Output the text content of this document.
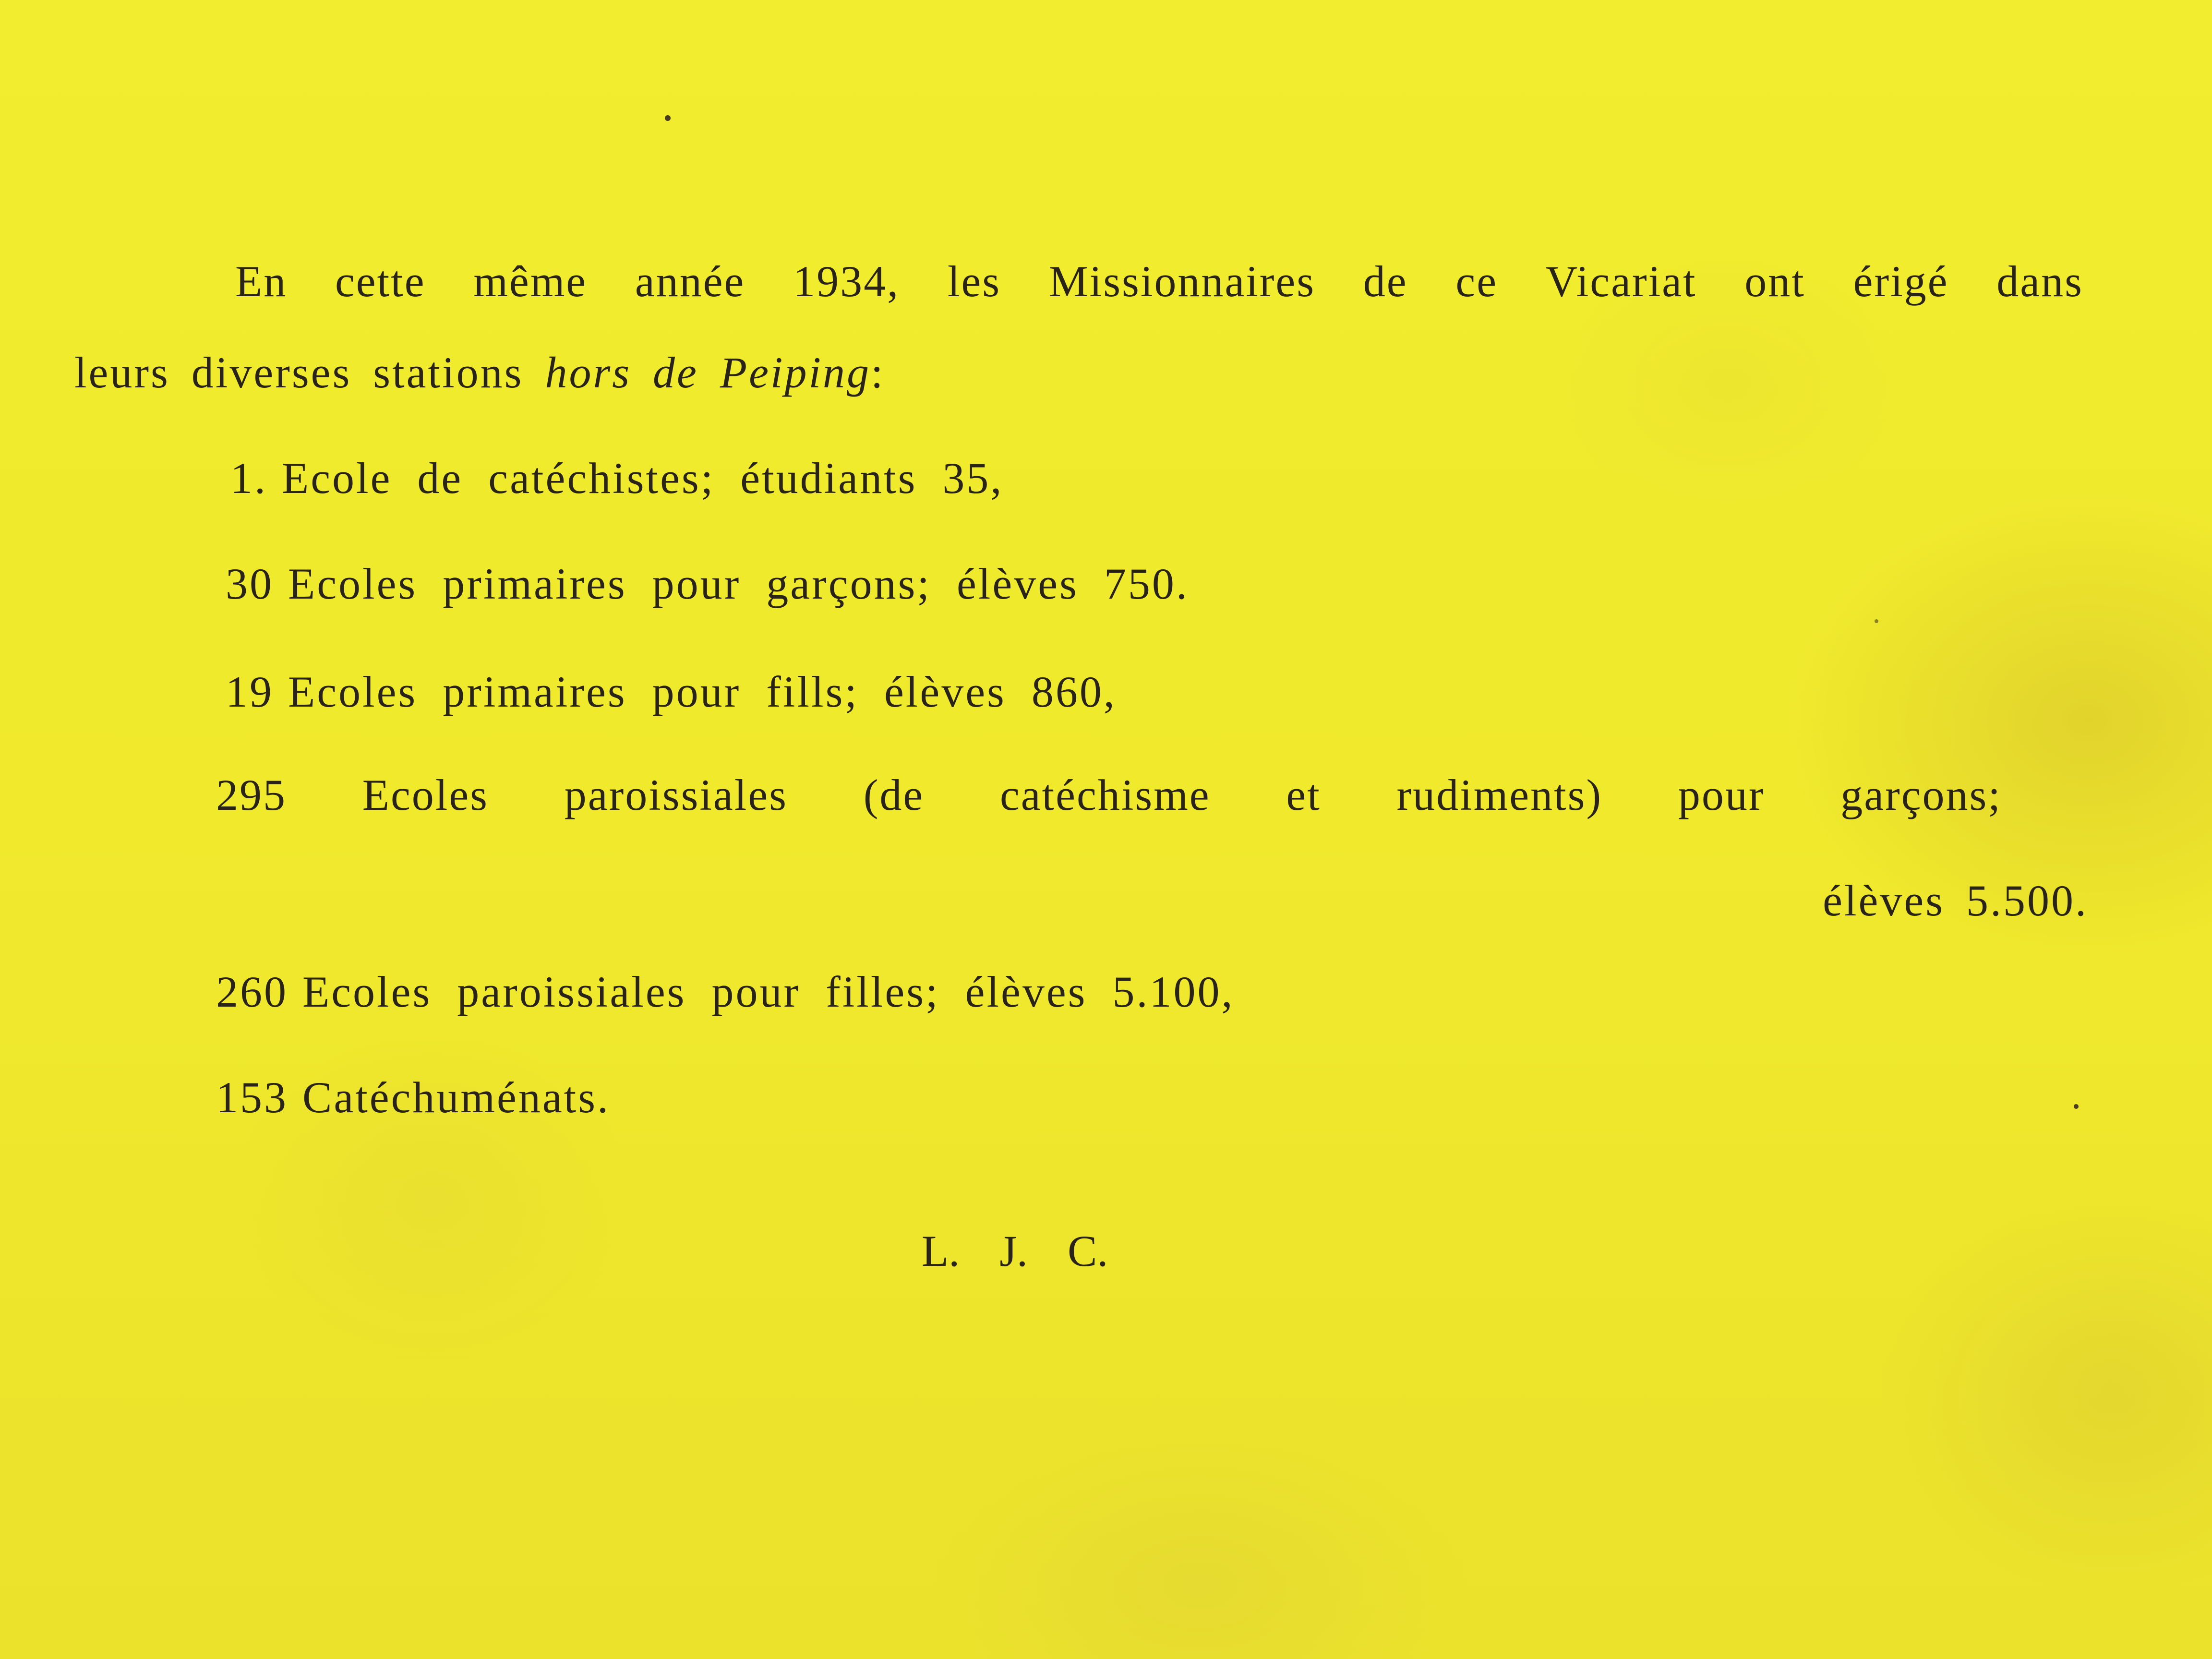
En cette même année 1934, les Missionnaires de ce Vicariat ont érigé dans
leurs diverses stations hors de Peiping:
1. Ecole de catéchistes; étudiants 35,
30 Ecoles primaires pour garçons; élèves 750.
19 Ecoles primaires pour fills; élèves 860,
295 Ecoles paroissiales (de catéchisme et rudiments) pour garçons;
élèves 5.500.
260 Ecoles paroissiales pour filles; élèves 5.100,
153 Catéchuménats.
L. J. C.
